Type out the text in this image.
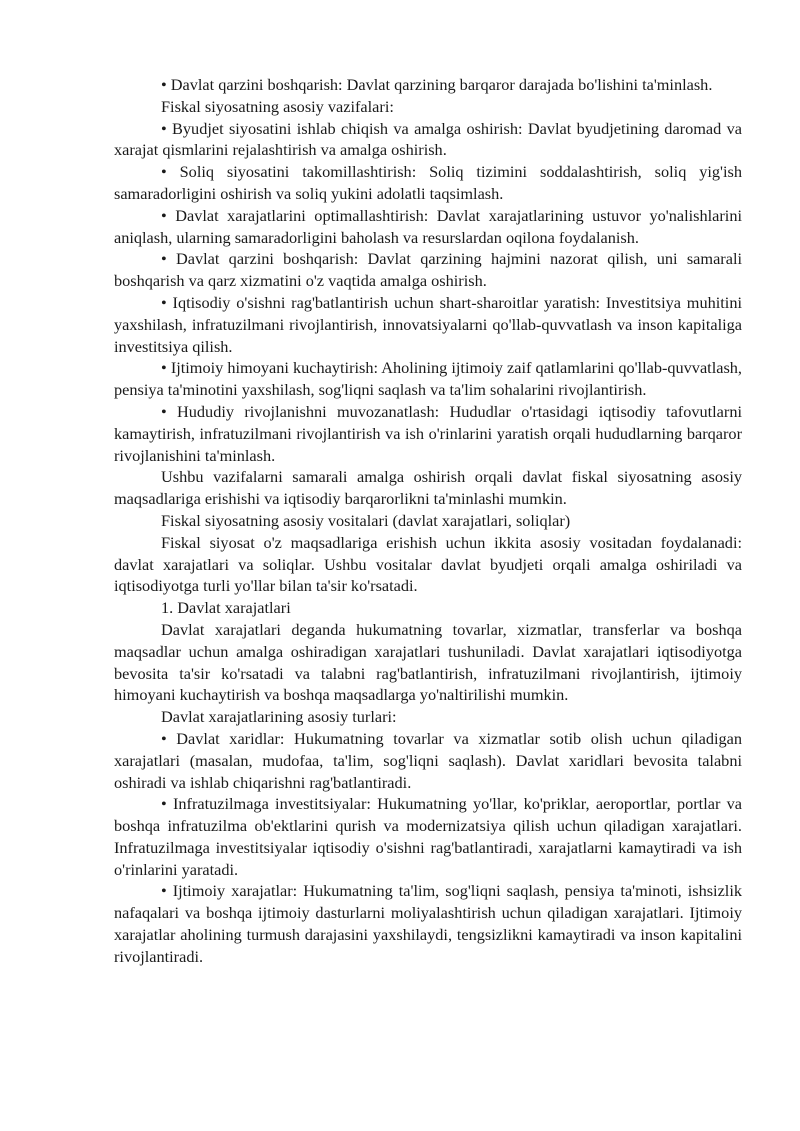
• Davlat qarzini boshqarish: Davlat qarzining barqaror darajada bo'lishini ta'minlash.

Fiskal siyosatning asosiy vazifalari:

• Byudjet siyosatini ishlab chiqish va amalga oshirish: Davlat byudjetining daromad va xarajat qismlarini rejalashtirish va amalga oshirish.

• Soliq siyosatini takomillashtirish: Soliq tizimini soddalashtirish, soliq yig'ish samaradorligini oshirish va soliq yukini adolatli taqsimlash.

• Davlat xarajatlarini optimallashtirish: Davlat xarajatlarining ustuvor yo'nalishlarini aniqlash, ularning samaradorligini baholash va resurslardan oqilona foydalanish.

• Davlat qarzini boshqarish: Davlat qarzining hajmini nazorat qilish, uni samarali boshqarish va qarz xizmatini o'z vaqtida amalga oshirish.

• Iqtisodiy o'sishni rag'batlantirish uchun shart-sharoitlar yaratish: Investitsiya muhitini yaxshilash, infratuzilmani rivojlantirish, innovatsiyalarni qo'llab-quvvatlash va inson kapitaliga investitsiya qilish.

• Ijtimoiy himoyani kuchaytirish: Aholining ijtimoiy zaif qatlamlarini qo'llab-quvvatlash, pensiya ta'minotini yaxshilash, sog'liqni saqlash va ta'lim sohalarini rivojlantirish.

• Hududiy rivojlanishni muvozanatlash: Hududlar o'rtasidagi iqtisodiy tafovutlarni kamaytirish, infratuzilmani rivojlantirish va ish o'rinlarini yaratish orqali hududlarning barqaror rivojlanishini ta'minlash.

Ushbu vazifalarni samarali amalga oshirish orqali davlat fiskal siyosatning asosiy maqsadlariga erishishi va iqtisodiy barqarorlikni ta'minlashi mumkin.

Fiskal siyosatning asosiy vositalari (davlat xarajatlari, soliqlar)

Fiskal siyosat o'z maqsadlariga erishish uchun ikkita asosiy vositadan foydalanadi: davlat xarajatlari va soliqlar. Ushbu vositalar davlat byudjeti orqali amalga oshiriladi va iqtisodiyotga turli yo'llar bilan ta'sir ko'rsatadi.

1. Davlat xarajatlari

Davlat xarajatlari deganda hukumatning tovarlar, xizmatlar, transferlar va boshqa maqsadlar uchun amalga oshiradigan xarajatlari tushuniladi. Davlat xarajatlari iqtisodiyotga bevosita ta'sir ko'rsatadi va talabni rag'batlantirish, infratuzilmani rivojlantirish, ijtimoiy himoyani kuchaytirish va boshqa maqsadlarga yo'naltirilishi mumkin.

Davlat xarajatlarining asosiy turlari:

• Davlat xaridlar: Hukumatning tovarlar va xizmatlar sotib olish uchun qiladigan xarajatlari (masalan, mudofaa, ta'lim, sog'liqni saqlash). Davlat xaridlari bevosita talabni oshiradi va ishlab chiqarishni rag'batlantiradi.

• Infratuzilmaga investitsiyalar: Hukumatning yo'llar, ko'priklar, aeroportlar, portlar va boshqa infratuzilma ob'ektlarini qurish va modernizatsiya qilish uchun qiladigan xarajatlari. Infratuzilmaga investitsiyalar iqtisodiy o'sishni rag'batlantiradi, xarajatlarni kamaytiradi va ish o'rinlarini yaratadi.

• Ijtimoiy xarajatlar: Hukumatning ta'lim, sog'liqni saqlash, pensiya ta'minoti, ishsizlik nafaqalari va boshqa ijtimoiy dasturlarni moliyalashtirish uchun qiladigan xarajatlari. Ijtimoiy xarajatlar aholining turmush darajasini yaxshilaydi, tengsizlikni kamaytiradi va inson kapitalini rivojlantiradi.
